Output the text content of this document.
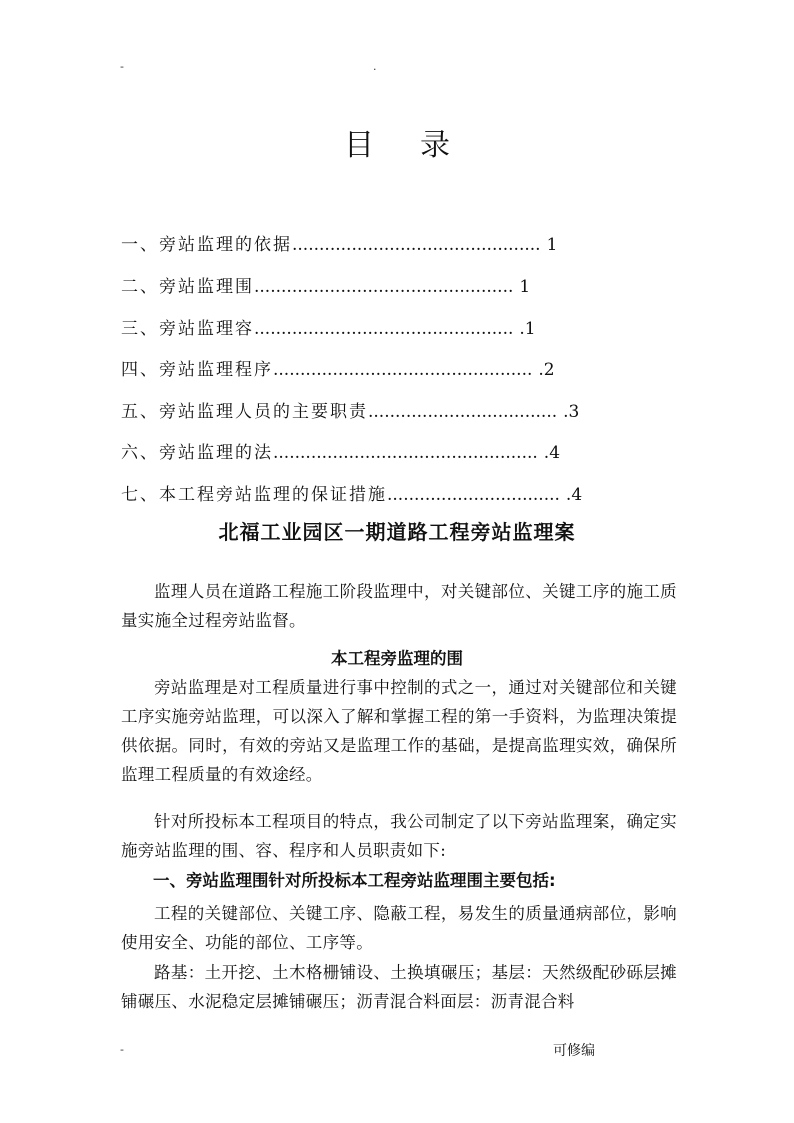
-	.
目录
一、旁站监理的依据.............................................. 1
二、旁站监理围................................................ 1
三、旁站监理容................................................ .1
四、旁站监理程序................................................ .2
五、旁站监理人员的主要职责................................... .3
六、旁站监理的法................................................. .4
七、本工程旁站监理的保证措施................................ .4
北福工业园区一期道路工程旁站监理案

监理人员在道路工程施工阶段监理中，对关键部位、关键工序的施工质量实施全过程旁站监督。

本工程旁监理的围

旁站监理是对工程质量进行事中控制的式之一，通过对关键部位和关键工序实施旁站监理，可以深入了解和掌握工程的第一手资料，为监理决策提供依据。同时，有效的旁站又是监理工作的基础，是提高监理实效，确保所监理工程质量的有效途经。

针对所投标本工程项目的特点，我公司制定了以下旁站监理案，确定实施旁站监理的围、容、程序和人员职责如下:

一、旁站监理围针对所投标本工程旁站监理围主要包括:

工程的关键部位、关键工序、隐蔽工程，易发生的质量通病部位，影响使用安全、功能的部位、工序等。

路基：土开挖、土木格栅铺设、土换填碾压；基层：天然级配砂砾层摊铺碾压、水泥稳定层摊铺碾压；沥青混合料面层：沥青混合料

-	可修编
